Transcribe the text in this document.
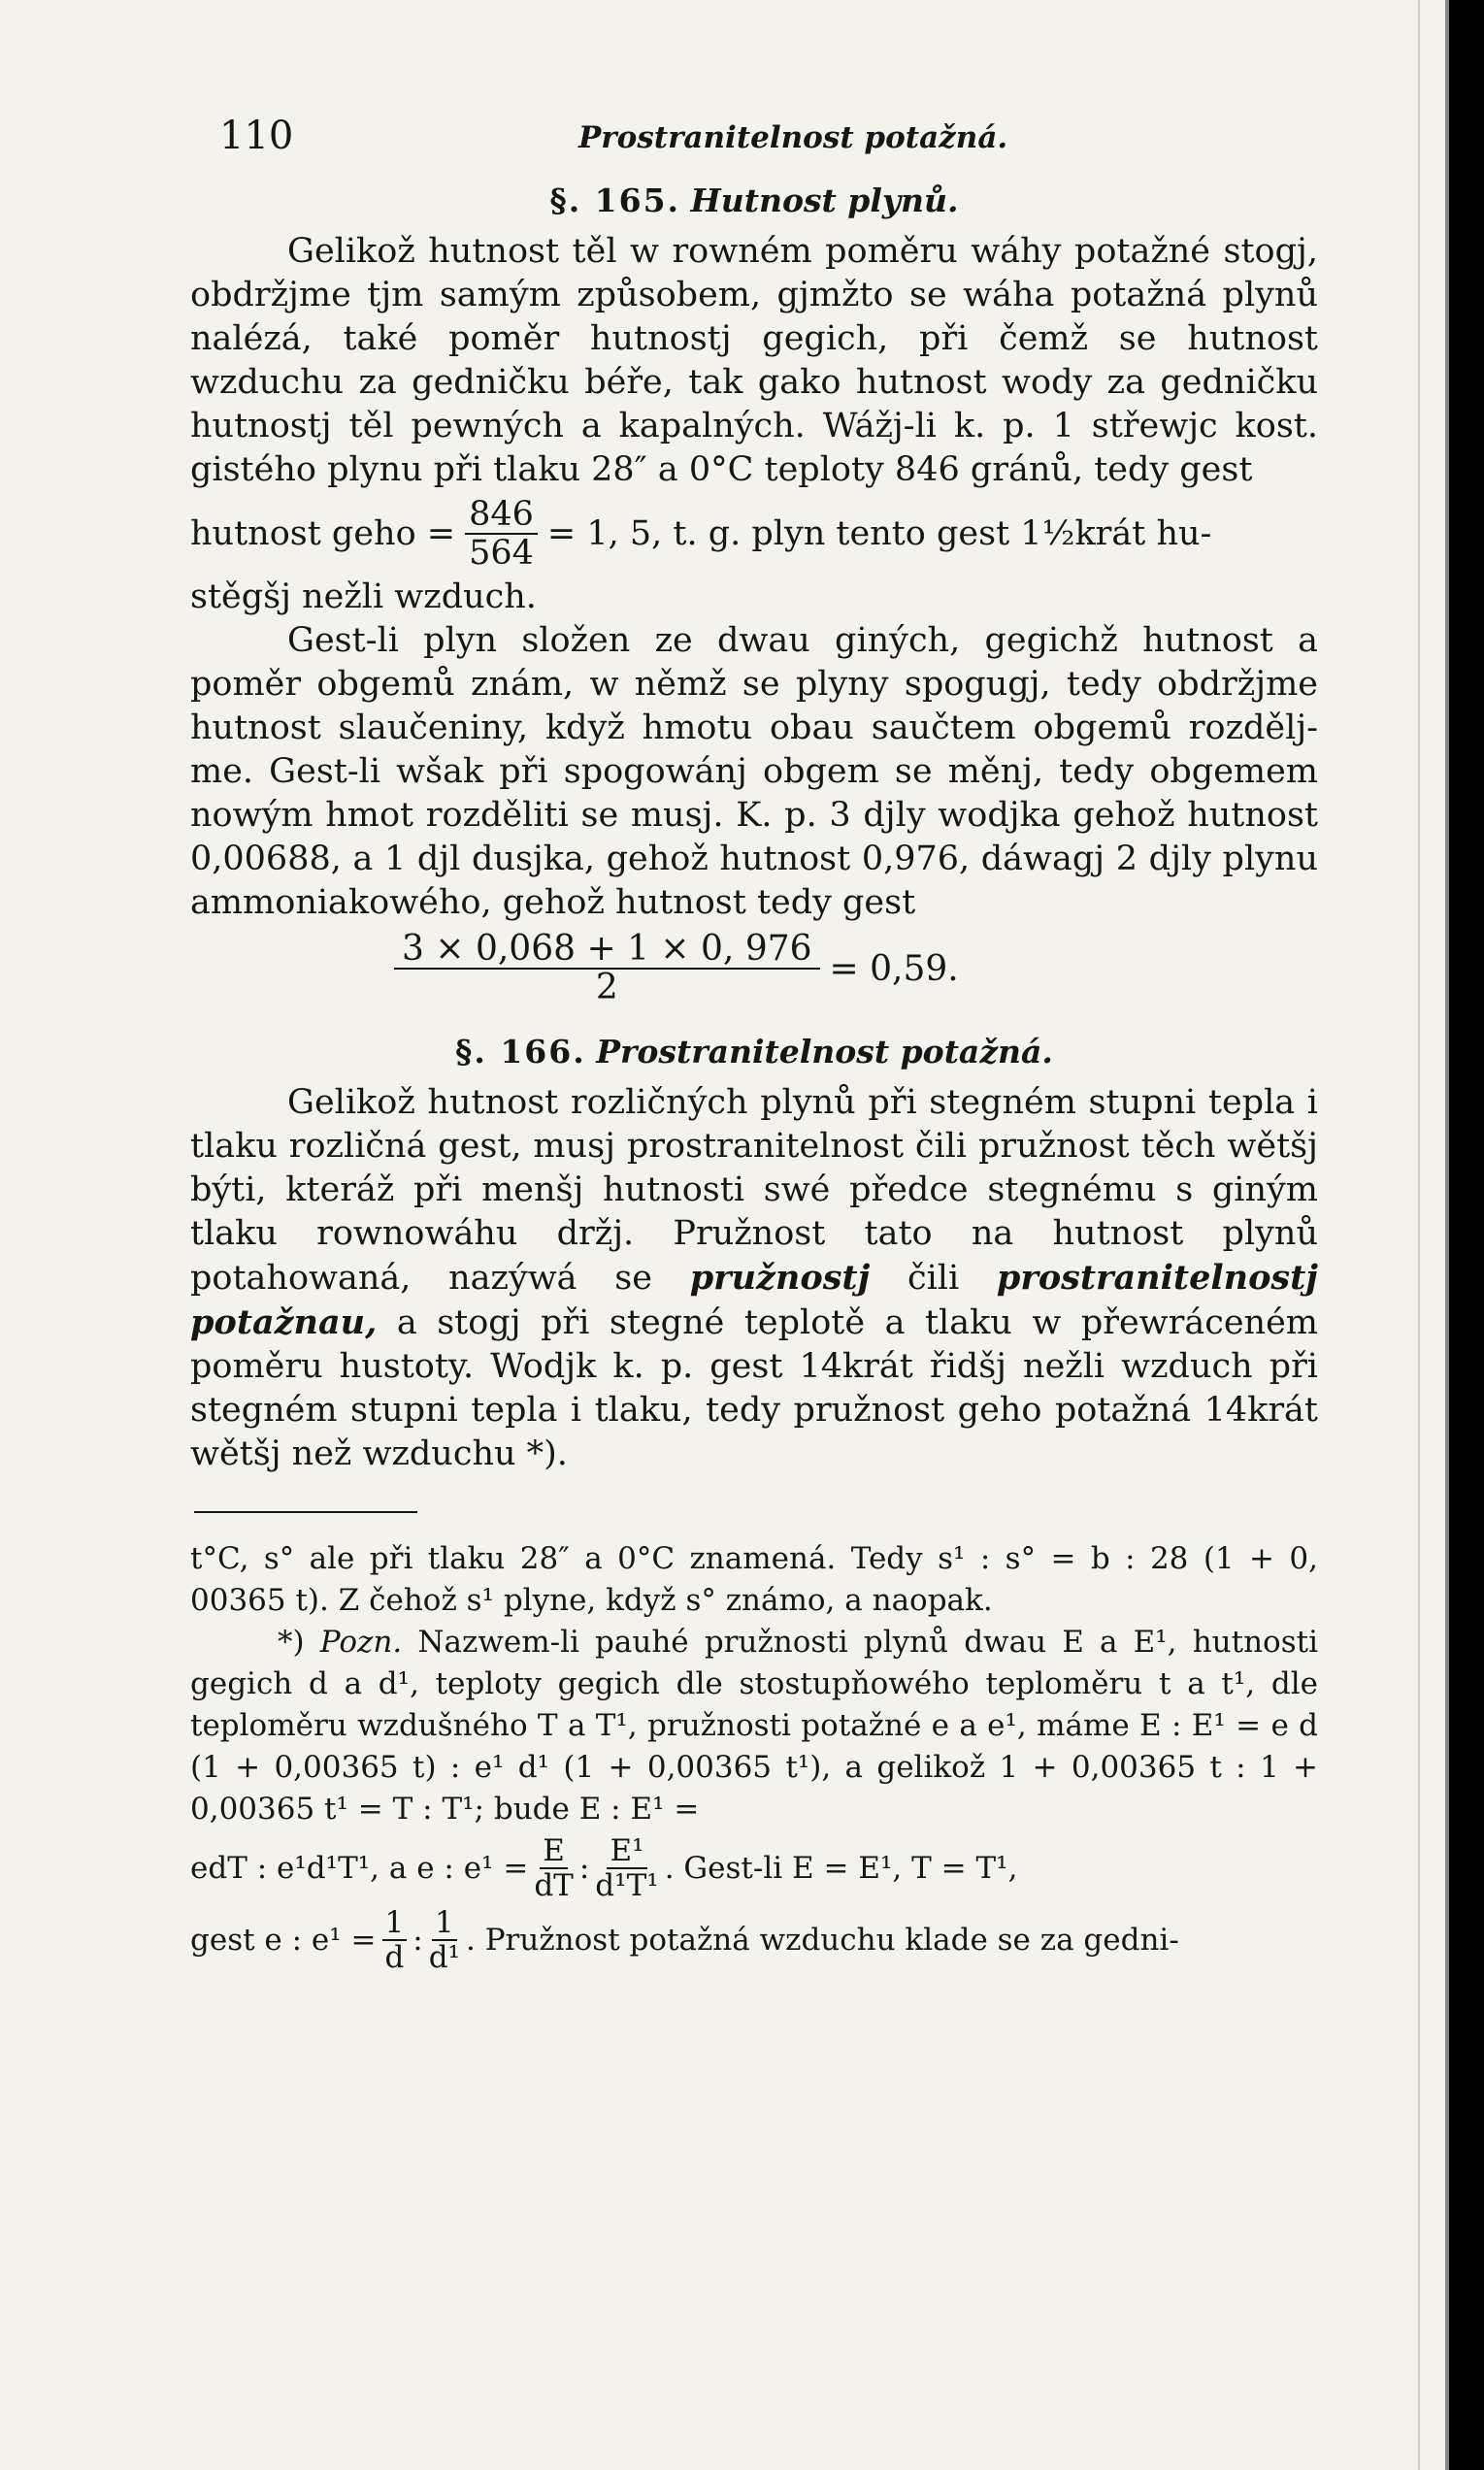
110	Prostranitelnost potažná.
§. 165. Hutnost plynů.

Gelikož hutnost těl w rowném poměru wáhy potažné stogj, obdržjme tjm samým způsobem, gjmžto se wáha potažná plynů nalézá, také poměr hutnostj gegich, při čemž se hutnost wzduchu za gedničku béře, tak gako hutnost wody za gedničku hutnostj těl pewných a kapalných. Wážj-li k. p. 1 střewjc kost. gistého plynu při tlaku 28″ a 0°C teploty 846 gránů, tedy gest

hutnost geho = $\frac{846}{564} = 1$, 5, t. g. plyn tento gest 1½krát hu-

stěgšj nežli wzduch.

Gest-li plyn složen ze dwau giných, gegichž hutnost a poměr obgemů znám, w němž se plyny spogugj, tedy obdržjme hutnost slaučeniny, když hmotu obau saučtem obgemů rozdělj-me. Gest-li wšak při spogowánj obgem se měnj, tedy obgemem nowým hmot rozděliti se musj. K. p. 3 djly wodjka gehož hutnost 0,00688, a 1 djl dusjka, gehož hutnost 0,976, dáwagj 2 djly plynu ammoniakowého, gehož hutnost tedy gest

$\frac{3 \times 0,068 + 1 \times 0, 976}{2} = 0,59$.
§. 166. Prostranitelnost potažná.

Gelikož hutnost rozličných plynů při stegném stupni tepla i tlaku rozličná gest, musj prostranitelnost čili pružnost těch wětšj býti, kteráž při menšj hutnosti swé předce stegnému s giným tlaku rownowáhu držj. Pružnost tato na hutnost plynů potahowaná, nazýwá se pružnostj čili prostranitelnostj potažnau, a stogj při stegné teplotě a tlaku w přewráceném poměru hustoty. Wodjk k. p. gest 14krát řidšj nežli wzduch při stegném stupni tepla i tlaku, tedy pružnost geho potažná 14krát wětšj než wzduchu *).

t°C, s° ale při tlaku 28″ a 0°C znamená. Tedy s¹ : s° = b : 28 (1 + 0, 00365 t). Z čehož s¹ plyne, když s° známo, a naopak.

*) Pozn. Nazwem-li pauhé pružnosti plynů dwau E a E¹, hutnosti gegich d a d¹, teploty gegich dle stostupňowého teploměru t a t¹, dle teploměru wzdušného T a T¹, pružnosti potažné e a e¹, máme E : E¹ = e d (1 + 0,00365 t) : e¹ d¹ (1 + 0,00365 t¹), a gelikož 1 + 0,00365 t : 1 + 0,00365 t¹ = T : T¹; bude E : E¹ =

edT : e¹d¹T¹, a e : $e^1 = \frac{E}{dT}$ : $\frac{\text{E¹}}{\text{d¹T¹}}$ . Gest-li E = E¹, T = T¹,
gest e : $e^1 = \frac{1}{d}$ : $\frac{1}{\text{d¹}}$ . Pružnost potažná wzduchu klade se za gedni-
